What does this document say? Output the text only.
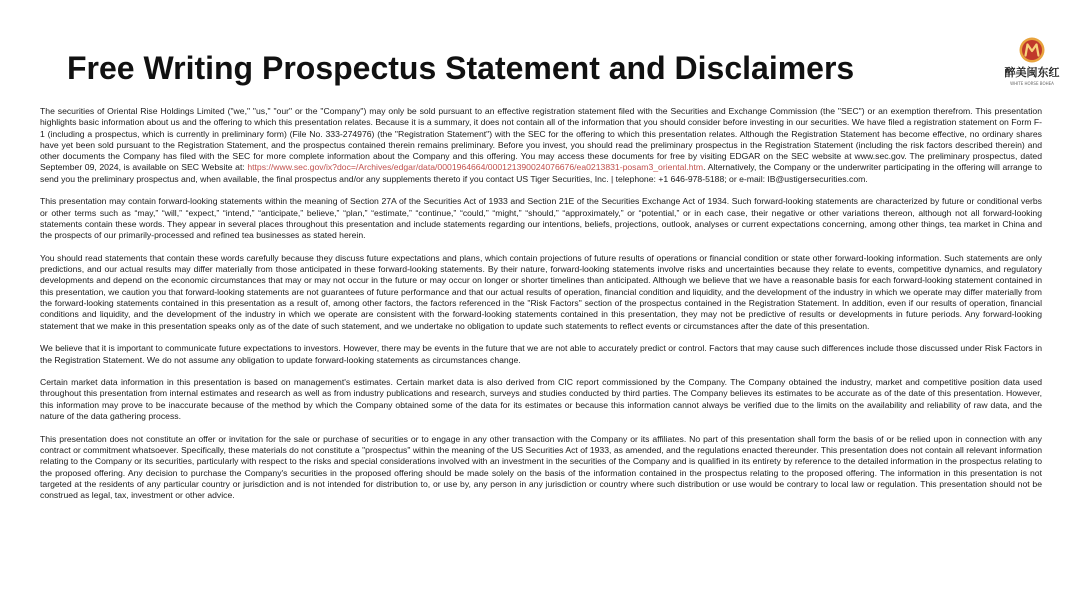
Free Writing Prospectus Statement and Disclaimers	醉美闽东红
WHITE HORSE BOHEA

The securities of Oriental Rise Holdings Limited ("we," "us," "our" or the "Company") may only be sold pursuant to an effective registration statement filed with the Securities and Exchange Commission (the "SEC") or an exemption therefrom. This presentation highlights basic information about us and the offering to which this presentation relates. Because it is a summary, it does not contain all of the information that you should consider before investing in our securities. We have filed a registration statement on Form F-1 (including a prospectus, which is currently in preliminary form) (File No. 333-274976) (the "Registration Statement") with the SEC for the offering to which this presentation relates. Although the Registration Statement has become effective, no ordinary shares have yet been sold pursuant to the Registration Statement, and the prospectus contained therein remains preliminary. Before you invest, you should read the preliminary prospectus in the Registration Statement (including the risk factors described therein) and other documents the Company has filed with the SEC for more complete information about the Company and this offering. You may access these documents for free by visiting EDGAR on the SEC website at www.sec.gov. The preliminary prospectus, dated September 09, 2024, is available on SEC Website at: https://www.sec.gov/ix?doc=/Archives/edgar/data/0001964664/000121390024076676/ea0213831-posam3_oriental.htm. Alternatively, the Company or the underwriter participating in the offering will arrange to send you the preliminary prospectus and, when available, the final prospectus and/or any supplements thereto if you contact US Tiger Securities, Inc. | telephone: +1 646-978-5188; or e-mail: IB@ustigersecurities.com.

This presentation may contain forward-looking statements within the meaning of Section 27A of the Securities Act of 1933 and Section 21E of the Securities Exchange Act of 1934. Such forward-looking statements are characterized by future or conditional verbs or other terms such as “may,” “will,” “expect,” “intend,” “anticipate,” believe,” “plan,” “estimate,” “continue,” “could,” “might,” “should,” “approximately,” or “potential,” or in each case, their negative or other variations thereon, although not all forward-looking statements contain these words. They appear in several places throughout this presentation and include statements regarding our intentions, beliefs, projections, outlook, analyses or current expectations concerning, among other things, tea market in China and the prospects of our primarily-processed and refined tea businesses as stated herein.

You should read statements that contain these words carefully because they discuss future expectations and plans, which contain projections of future results of operations or financial condition or state other forward-looking information. Such statements are only predictions, and our actual results may differ materially from those anticipated in these forward-looking statements. By their nature, forward-looking statements involve risks and uncertainties because they relate to events, competitive dynamics, and regulatory developments and depend on the economic circumstances that may or may not occur in the future or may occur on longer or shorter timelines than anticipated. Although we believe that we have a reasonable basis for each forward-looking statement contained in this presentation, we caution you that forward-looking statements are not guarantees of future performance and that our actual results of operation, financial condition and liquidity, and the development of the industry in which we operate may differ materially from the forward-looking statements contained in this presentation as a result of, among other factors, the factors referenced in the "Risk Factors" section of the prospectus contained in the Registration Statement. In addition, even if our results of operation, financial conditions and liquidity, and the development of the industry in which we operate are consistent with the forward-looking statements contained in this presentation, they may not be predictive of results or developments in future periods. Any forward-looking statement that we make in this presentation speaks only as of the date of such statement, and we undertake no obligation to update such statements to reflect events or circumstances after the date of this presentation.

We believe that it is important to communicate future expectations to investors. However, there may be events in the future that we are not able to accurately predict or control. Factors that may cause such differences include those discussed under Risk Factors in the Registration Statement. We do not assume any obligation to update forward-looking statements as circumstances change.

Certain market data information in this presentation is based on management's estimates. Certain market data is also derived from CIC report commissioned by the Company. The Company obtained the industry, market and competitive position data used throughout this presentation from internal estimates and research as well as from industry publications and research, surveys and studies conducted by third parties. The Company believes its estimates to be accurate as of the date of this presentation. However, this information may prove to be inaccurate because of the method by which the Company obtained some of the data for its estimates or because this information cannot always be verified due to the limits on the availability and reliability of raw data, and the nature of the data gathering process.

This presentation does not constitute an offer or invitation for the sale or purchase of securities or to engage in any other transaction with the Company or its affiliates. No part of this presentation shall form the basis of or be relied upon in connection with any contract or commitment whatsoever. Specifically, these materials do not constitute a "prospectus" within the meaning of the US Securities Act of 1933, as amended, and the regulations enacted thereunder. This presentation does not contain all relevant information relating to the Company or its securities, particularly with respect to the risks and special considerations involved with an investment in the securities of the Company and is qualified in its entirety by reference to the detailed information in the prospectus relating to the proposed offering. Any decision to purchase the Company's securities in the proposed offering should be made solely on the basis of the information contained in the prospectus relating to the proposed offering. The information in this presentation is not targeted at the residents of any particular country or jurisdiction and is not intended for distribution to, or use by, any person in any jurisdiction or country where such distribution or use would be contrary to local law or regulation. This presentation should not be construed as legal, tax, investment or other advice.
